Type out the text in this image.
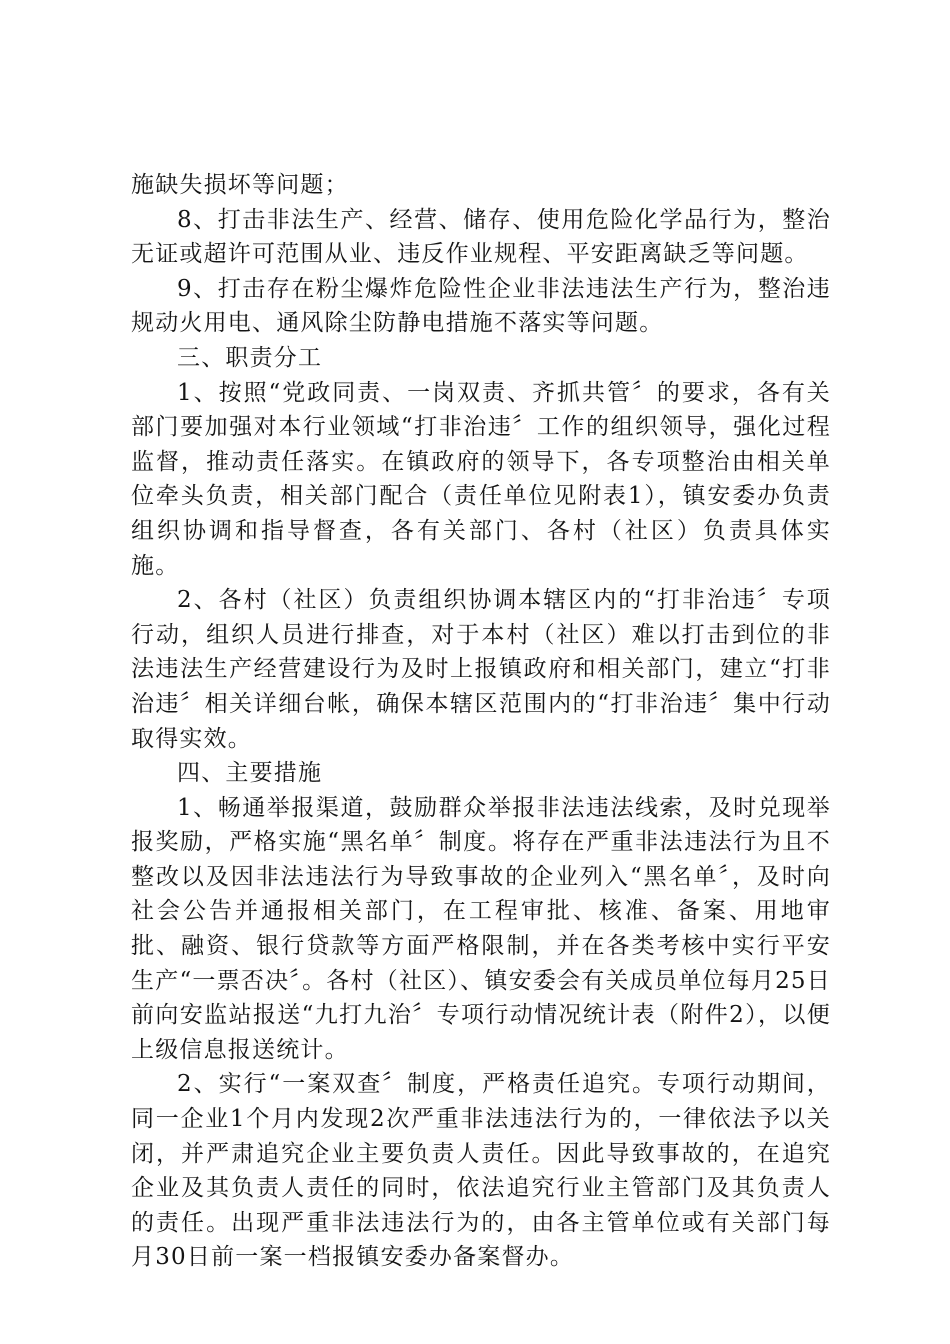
施缺失损坏等问题；

8、打击非法生产、经营、储存、使用危险化学品行为，整治无证或超许可范围从业、违反作业规程、平安距离缺乏等问题。

9、打击存在粉尘爆炸危险性企业非法违法生产行为，整治违规动火用电、通风除尘防静电措施不落实等问题。

三、职责分工

1、按照“党政同责、一岗双责、齐抓共管〞的要求，各有关部门要加强对本行业领域“打非治违〞工作的组织领导，强化过程监督，推动责任落实。在镇政府的领导下，各专项整治由相关单位牵头负责，相关部门配合（责任单位见附表1），镇安委办负责组织协调和指导督查，各有关部门、各村（社区）负责具体实施。

2、各村（社区）负责组织协调本辖区内的“打非治违〞专项行动，组织人员进行排查，对于本村（社区）难以打击到位的非法违法生产经营建设行为及时上报镇政府和相关部门，建立“打非治违〞相关详细台帐，确保本辖区范围内的“打非治违〞集中行动取得实效。

四、主要措施

1、畅通举报渠道，鼓励群众举报非法违法线索，及时兑现举报奖励，严格实施“黑名单〞制度。将存在严重非法违法行为且不整改以及因非法违法行为导致事故的企业列入“黑名单〞，及时向社会公告并通报相关部门，在工程审批、核准、备案、用地审批、融资、银行贷款等方面严格限制，并在各类考核中实行平安生产“一票否决〞。各村（社区）、镇安委会有关成员单位每月25日前向安监站报送“九打九治〞专项行动情况统计表（附件2），以便上级信息报送统计。

2、实行“一案双查〞制度，严格责任追究。专项行动期间，同一企业1个月内发现2次严重非法违法行为的，一律依法予以关闭，并严肃追究企业主要负责人责任。因此导致事故的，在追究企业及其负责人责任的同时，依法追究行业主管部门及其负责人的责任。出现严重非法违法行为的，由各主管单位或有关部门每月30日前一案一档报镇安委办备案督办。
